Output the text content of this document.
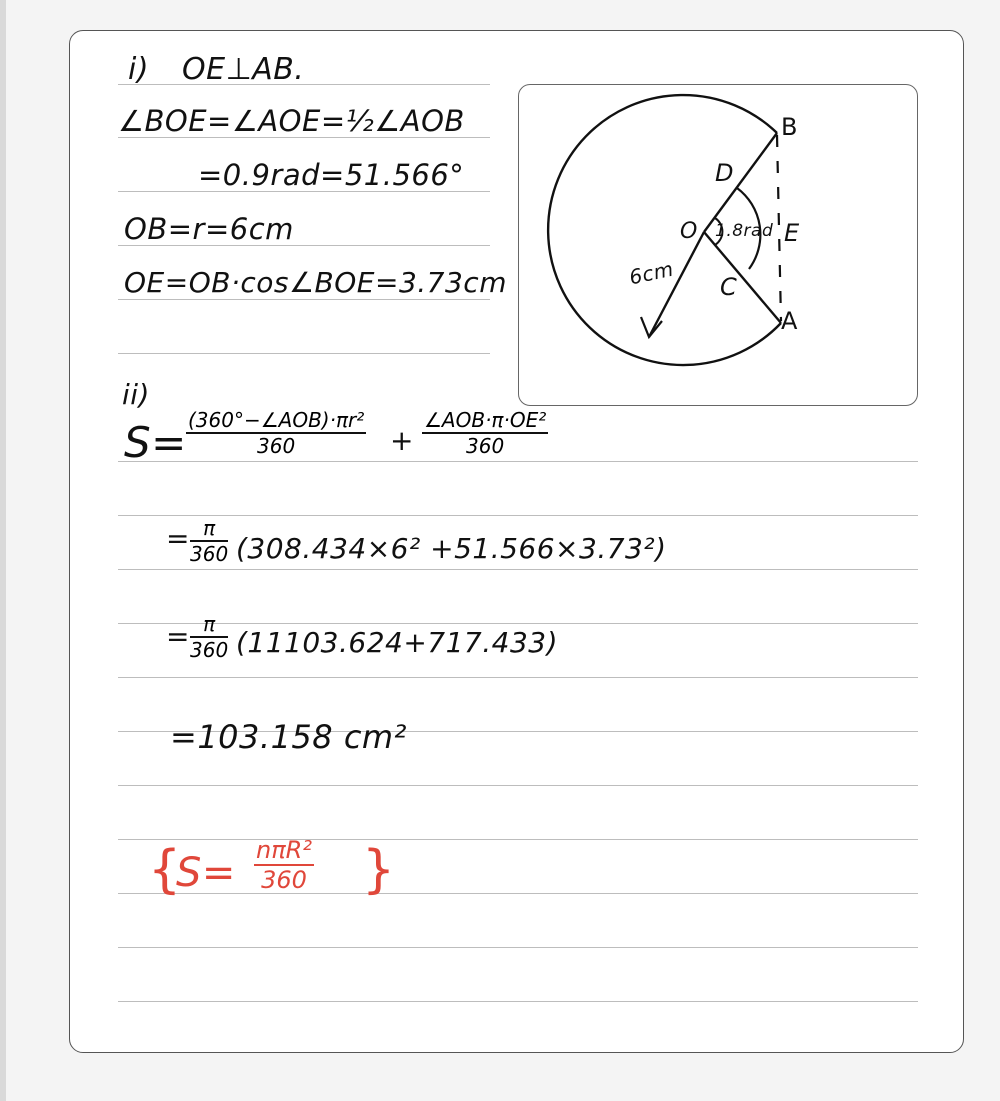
i) OE⊥AB.
∠BOE=∠AOE=½∠AOB
=0.9rad=51.566°
OB=r=6cm
OE=OB·cos∠BOE=3.73cm
B
A
D
C
O	E
1.8rad
6cm
ii)
S= (360°−∠AOB)·πr²
360	+
∠AOB·π·OE²
360
= $\frac{\pi}{360} (308.434\times 6^2 +51.566\times 3.73^2)$
= $\frac{\pi}{360} (11103.624+717.433)$
=103.158 cm²
{
S= nπR²
360 }
